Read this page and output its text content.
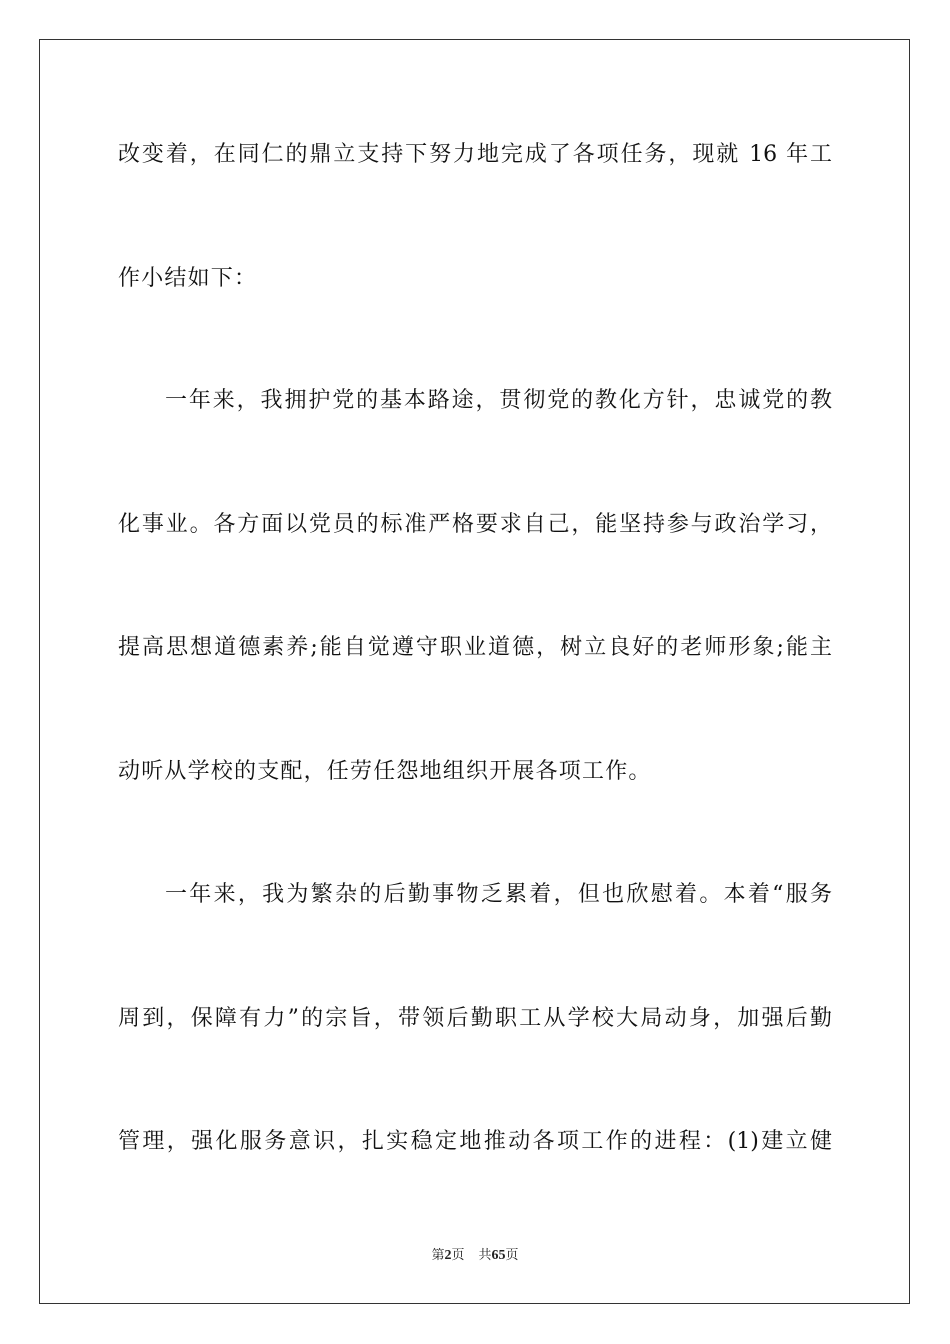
改变着，在同仁的鼎立支持下努力地完成了各项任务，现就 16 年工
作小结如下：
一年来，我拥护党的基本路途，贯彻党的教化方针，忠诚党的教
化事业。各方面以党员的标准严格要求自己，能坚持参与政治学习，
提高思想道德素养;能自觉遵守职业道德，树立良好的老师形象;能主
动听从学校的支配，任劳任怨地组织开展各项工作。
一年来，我为繁杂的后勤事物乏累着，但也欣慰着。本着“服务
周到，保障有力”的宗旨，带领后勤职工从学校大局动身，加强后勤
管理，强化服务意识，扎实稳定地推动各项工作的进程：(1)建立健
第2页 共65页
